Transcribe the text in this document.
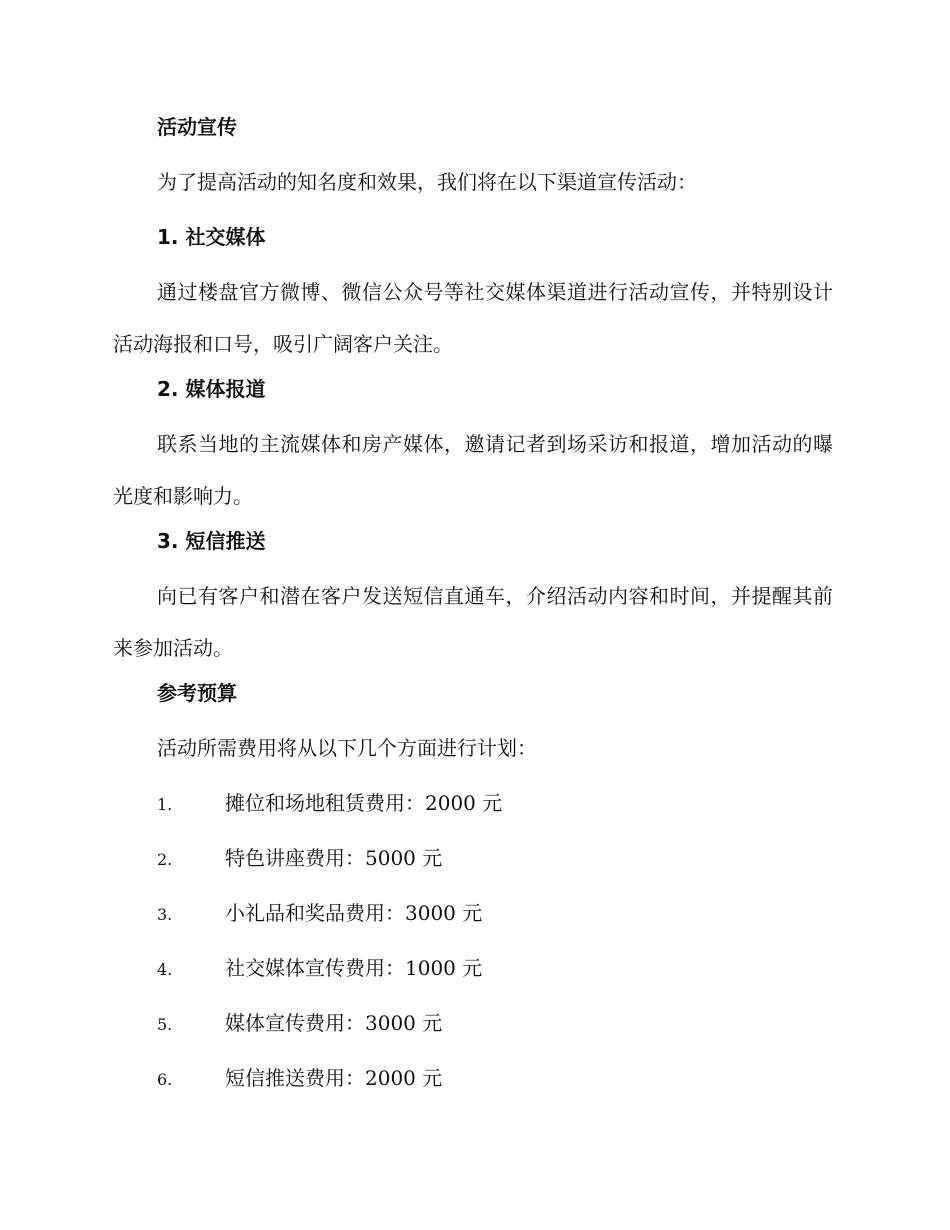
活动宣传
为了提高活动的知名度和效果，我们将在以下渠道宣传活动：
1. 社交媒体
通过楼盘官方微博、微信公众号等社交媒体渠道进行活动宣传，并特别设计活动海报和口号，吸引广阔客户关注。
2. 媒体报道
联系当地的主流媒体和房产媒体，邀请记者到场采访和报道，增加活动的曝光度和影响力。
3. 短信推送
向已有客户和潜在客户发送短信直通车，介绍活动内容和时间，并提醒其前来参加活动。
参考预算
活动所需费用将从以下几个方面进行计划：
1.	摊位和场地租赁费用：2000 元
2.	特色讲座费用：5000 元
3.	小礼品和奖品费用：3000 元
4.	社交媒体宣传费用：1000 元
5.	媒体宣传费用：3000 元
6.	短信推送费用：2000 元
